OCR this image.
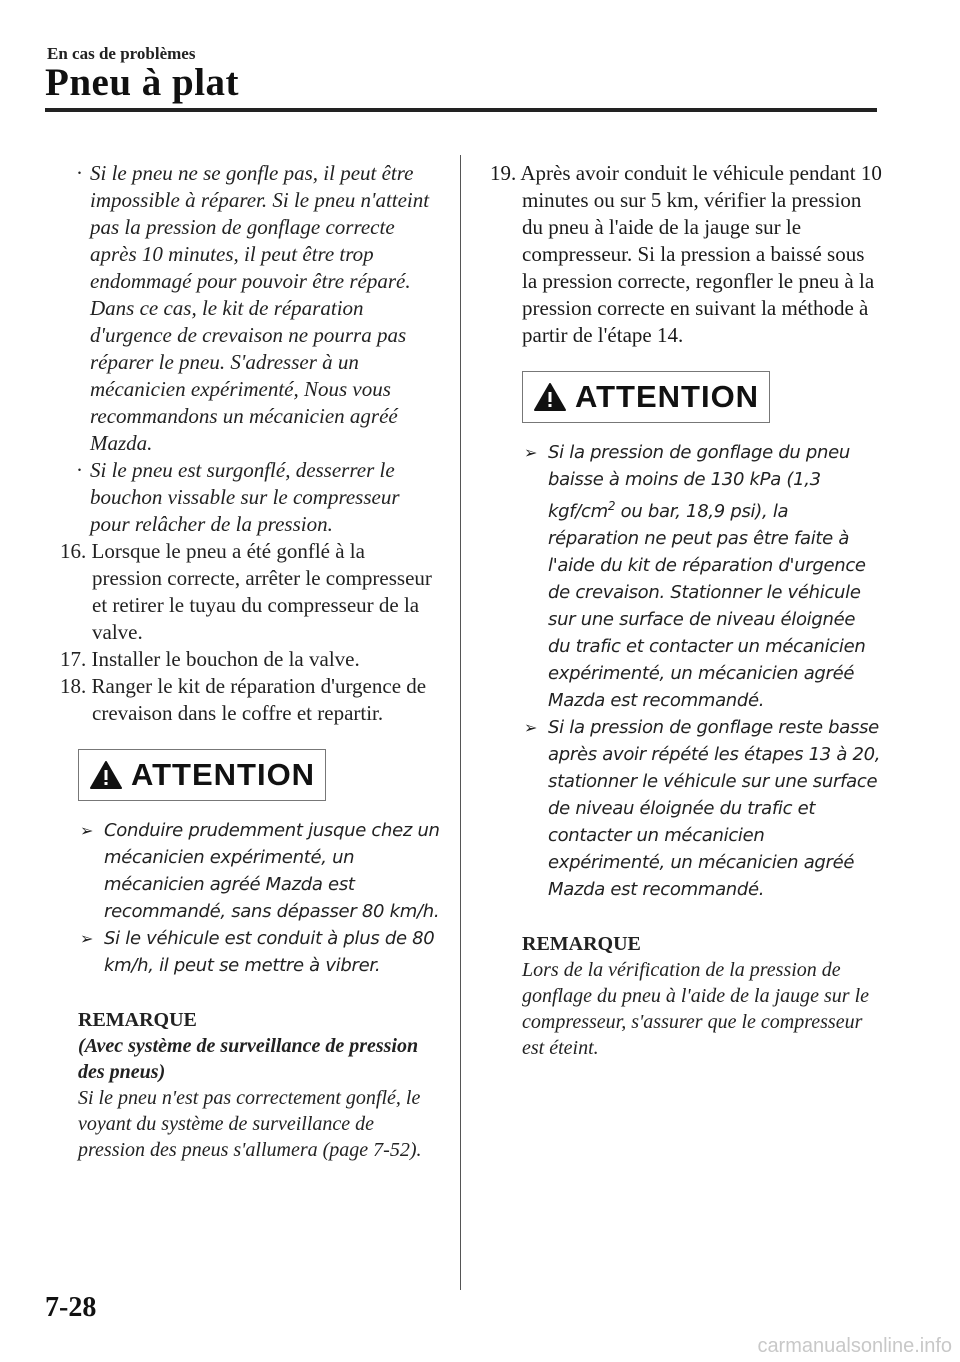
En cas de problèmes
Pneu à plat
· Si le pneu ne se gonfle pas, il peut être impossible à réparer. Si le pneu n'atteint pas la pression de gonflage correcte après 10 minutes, il peut être trop endommagé pour pouvoir être réparé. Dans ce cas, le kit de réparation d'urgence de crevaison ne pourra pas réparer le pneu. S'adresser à un mécanicien expérimenté, Nous vous recommandons un mécanicien agréé Mazda.
· Si le pneu est surgonflé, desserrer le bouchon vissable sur le compresseur pour relâcher de la pression.
16. Lorsque le pneu a été gonflé à la pression correcte, arrêter le compresseur et retirer le tuyau du compresseur de la valve.
17. Installer le bouchon de la valve.
18. Ranger le kit de réparation d'urgence de crevaison dans le coffre et repartir.
ATTENTION
➢ Conduire prudemment jusque chez un mécanicien expérimenté, un mécanicien agréé Mazda est recommandé, sans dépasser 80 km/h.
➢ Si le véhicule est conduit à plus de 80 km/h, il peut se mettre à vibrer.
REMARQUE
(Avec système de surveillance de pression des pneus)
Si le pneu n'est pas correctement gonflé, le voyant du système de surveillance de pression des pneus s'allumera (page 7-52).
19. Après avoir conduit le véhicule pendant 10 minutes ou sur 5 km, vérifier la pression du pneu à l'aide de la jauge sur le compresseur. Si la pression a baissé sous la pression correcte, regonfler le pneu à la pression correcte en suivant la méthode à partir de l'étape 14.
ATTENTION
➢ Si la pression de gonflage du pneu baisse à moins de 130 kPa (1,3 kgf/$cm^2$ ou bar, 18,9 psi), la réparation ne peut pas être faite à l'aide du kit de réparation d'urgence de crevaison. Stationner le véhicule sur une surface de niveau éloignée du trafic et contacter un mécanicien expérimenté, un mécanicien agréé Mazda est recommandé.
➢ Si la pression de gonflage reste basse après avoir répété les étapes 13 à 20, stationner le véhicule sur une surface de niveau éloignée du trafic et contacter un mécanicien expérimenté, un mécanicien agréé Mazda est recommandé.
REMARQUE
Lors de la vérification de la pression de gonflage du pneu à l'aide de la jauge sur le compresseur, s'assurer que le compresseur est éteint.
7-28
carmanualsonline.info
